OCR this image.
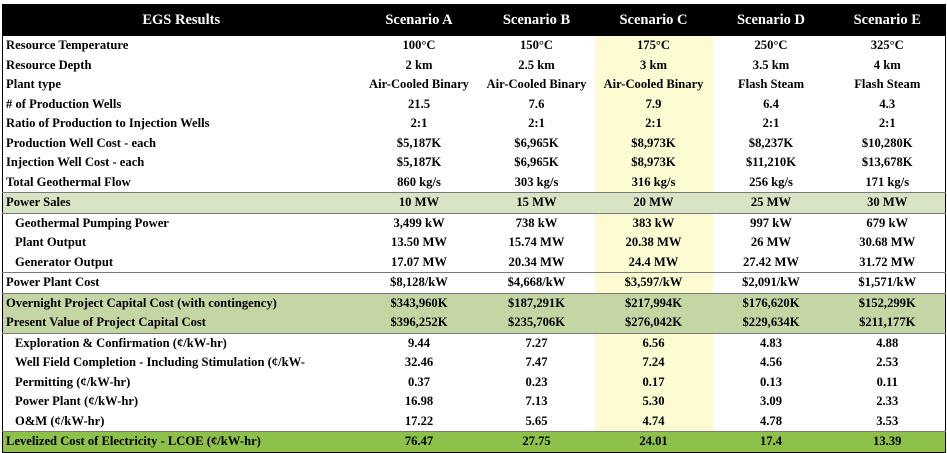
EGS Results	Scenario A	Scenario B	Scenario C	Scenario D	Scenario E
Resource Temperature	100°C	150°C	175°C	250°C	325°C
Resource Depth	2 km	2.5 km	3 km	3.5 km	4 km
Plant type	Air-Cooled Binary	Air-Cooled Binary	Air-Cooled Binary	Flash Steam	Flash Steam
# of Production Wells	21.5	7.6	7.9	6.4	4.3
Ratio of Production to Injection Wells	2:1	2:1	2:1	2:1	2:1
Production Well Cost - each	$5,187K	$6,965K	$8,973K	$8,237K	$10,280K
Injection Well Cost - each	$5,187K	$6,965K	$8,973K	$11,210K	$13,678K
Total Geothermal Flow	860 kg/s	303 kg/s	316 kg/s	256 kg/s	171 kg/s
Power Sales	10 MW	15 MW	20 MW	25 MW	30 MW
Geothermal Pumping Power	3,499 kW	738 kW	383 kW	997 kW	679 kW
Plant Output	13.50 MW	15.74 MW	20.38 MW	26 MW	30.68 MW
Generator Output	17.07 MW	20.34 MW	24.4 MW	27.42 MW	31.72 MW
Power Plant Cost	$8,128/kW	$4,668/kW	$3,597/kW	$2,091/kW	$1,571/kW
Overnight Project Capital Cost (with contingency)	$343,960K	$187,291K	$217,994K	$176,620K	$152,299K
Present Value of Project Capital Cost	$396,252K	$235,706K	$276,042K	$229,634K	$211,177K
Exploration & Confirmation (¢/kW-hr)	9.44	7.27	6.56	4.83	4.88
Well Field Completion - Including Stimulation (¢/kW-	32.46	7.47	7.24	4.56	2.53
Permitting (¢/kW-hr)	0.37	0.23	0.17	0.13	0.11
Power Plant (¢/kW-hr)	16.98	7.13	5.30	3.09	2.33
O&M (¢/kW-hr)	17.22	5.65	4.74	4.78	3.53
Levelized Cost of Electricity - LCOE (¢/kW-hr)	76.47	27.75	24.01	17.4	13.39
